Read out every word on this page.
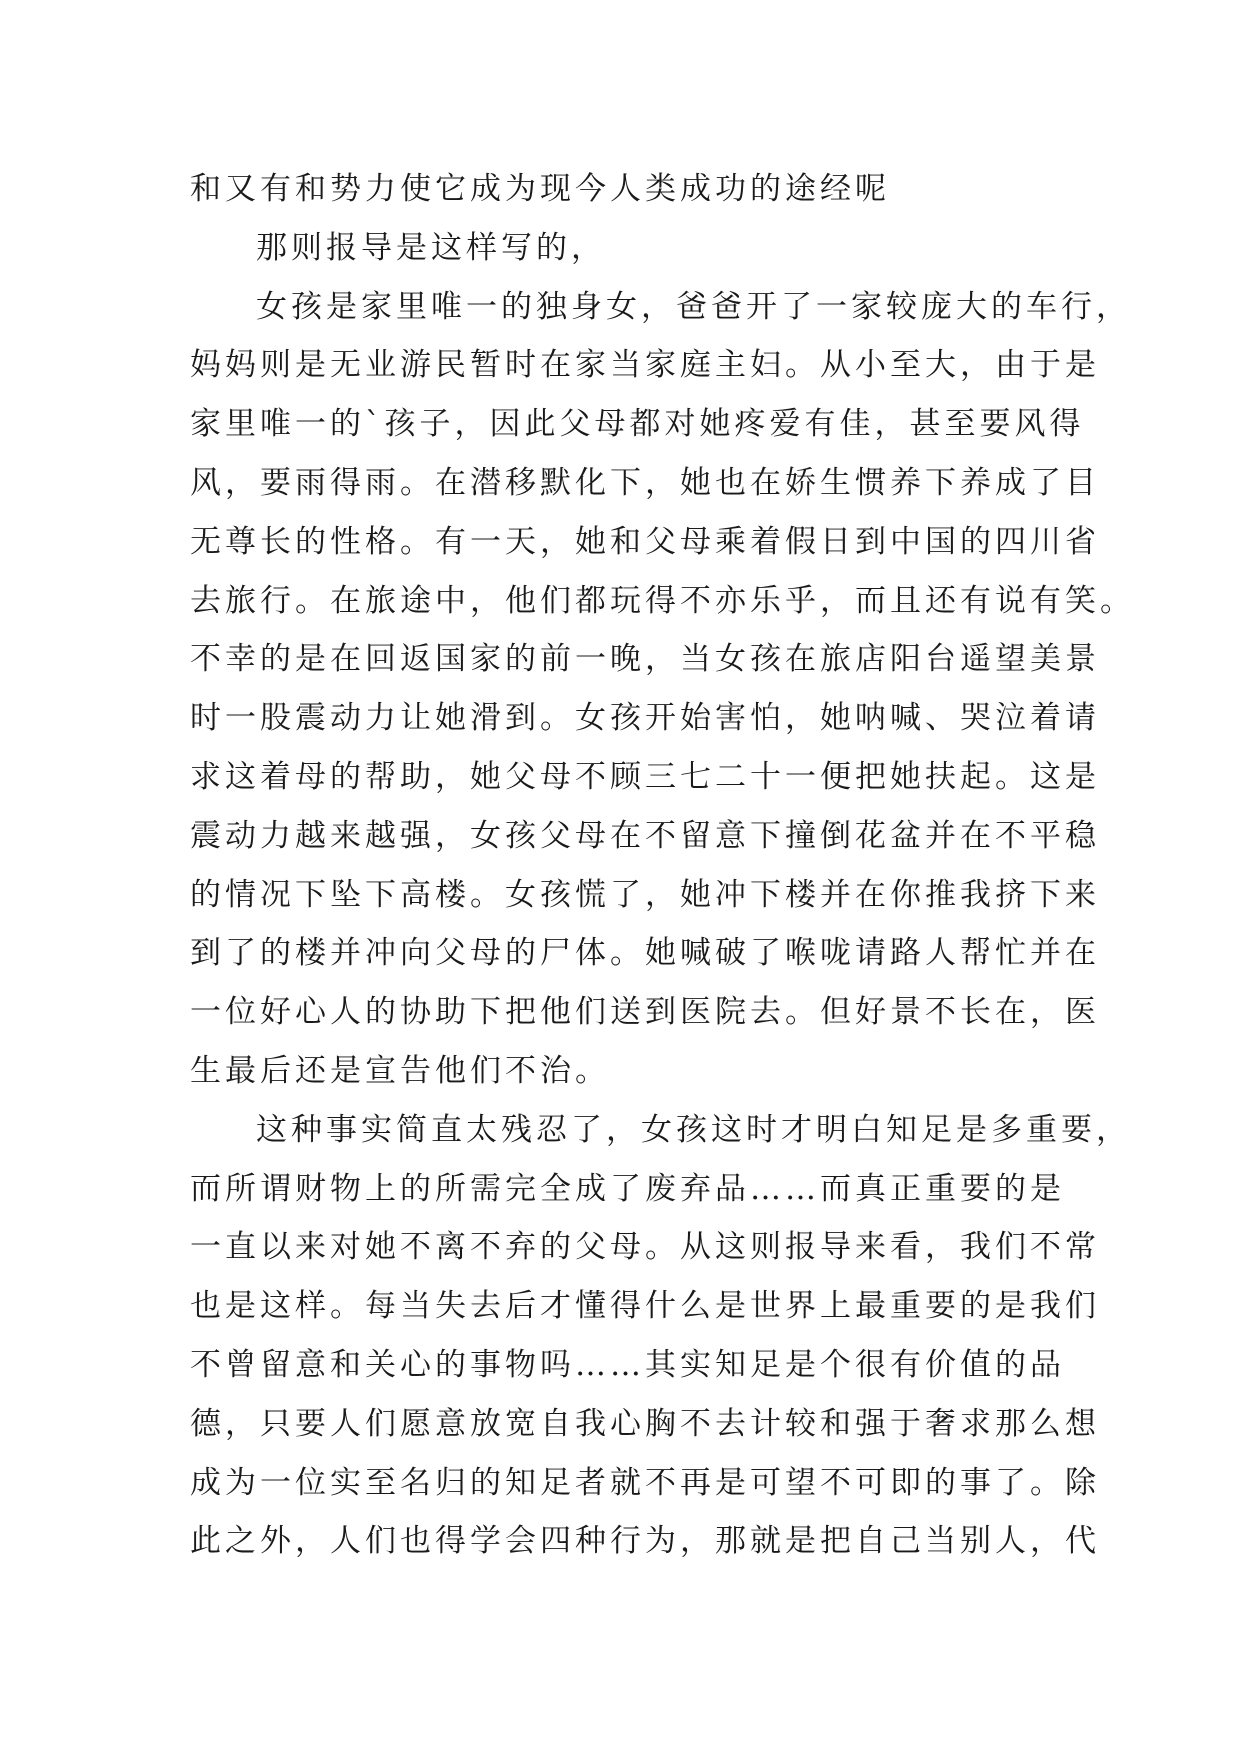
和又有和势力使它成为现今人类成功的途经呢
那则报导是这样写的，
女孩是家里唯一的独身女，爸爸开了一家较庞大的车行，
妈妈则是无业游民暂时在家当家庭主妇。从小至大，由于是
家里唯一的`孩子，因此父母都对她疼爱有佳，甚至要风得
风，要雨得雨。在潜移默化下，她也在娇生惯养下养成了目
无尊长的性格。有一天，她和父母乘着假日到中国的四川省
去旅行。在旅途中，他们都玩得不亦乐乎，而且还有说有笑。
不幸的是在回返国家的前一晚，当女孩在旅店阳台遥望美景
时一股震动力让她滑到。女孩开始害怕，她呐喊、哭泣着请
求这着母的帮助，她父母不顾三七二十一便把她扶起。这是
震动力越来越强，女孩父母在不留意下撞倒花盆并在不平稳
的情况下坠下高楼。女孩慌了，她冲下楼并在你推我挤下来
到了的楼并冲向父母的尸体。她喊破了喉咙请路人帮忙并在
一位好心人的协助下把他们送到医院去。但好景不长在，医
生最后还是宣告他们不治。
这种事实简直太残忍了，女孩这时才明白知足是多重要，
而所谓财物上的所需完全成了废弃品……而真正重要的是
一直以来对她不离不弃的父母。从这则报导来看，我们不常
也是这样。每当失去后才懂得什么是世界上最重要的是我们
不曾留意和关心的事物吗……其实知足是个很有价值的品
德，只要人们愿意放宽自我心胸不去计较和强于奢求那么想
成为一位实至名归的知足者就不再是可望不可即的事了。除
此之外，人们也得学会四种行为，那就是把自己当别人，代
